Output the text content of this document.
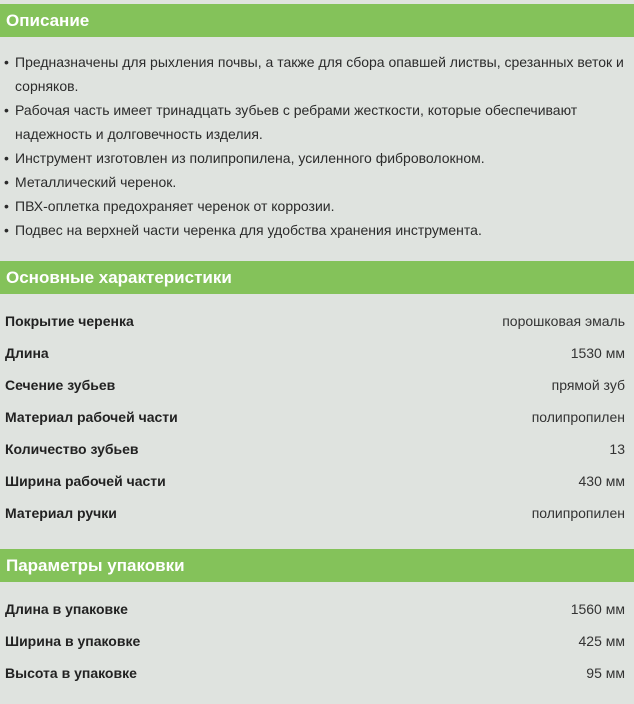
Описание
• Предназначены для рыхления почвы, а также для сбора опавшей листвы, срезанных веток и сорняков.
• Рабочая часть имеет тринадцать зубьев с ребрами жесткости, которые обеспечивают надежность и долговечность изделия.
• Инструмент изготовлен из полипропилена, усиленного фиброволокном.
• Металлический черенок.
• ПВХ-оплетка предохраняет черенок от коррозии.
• Подвес на верхней части черенка для удобства хранения инструмента.
Основные характеристики
Покрытие черенка	порошковая эмаль
Длина	1530 мм
Сечение зубьев	прямой зуб
Материал рабочей части	полипропилен
Количество зубьев	13
Ширина рабочей части	430 мм
Материал ручки	полипропилен
Параметры упаковки
Длина в упаковке	1560 мм
Ширина в упаковке	425 мм
Высота в упаковке	95 мм
